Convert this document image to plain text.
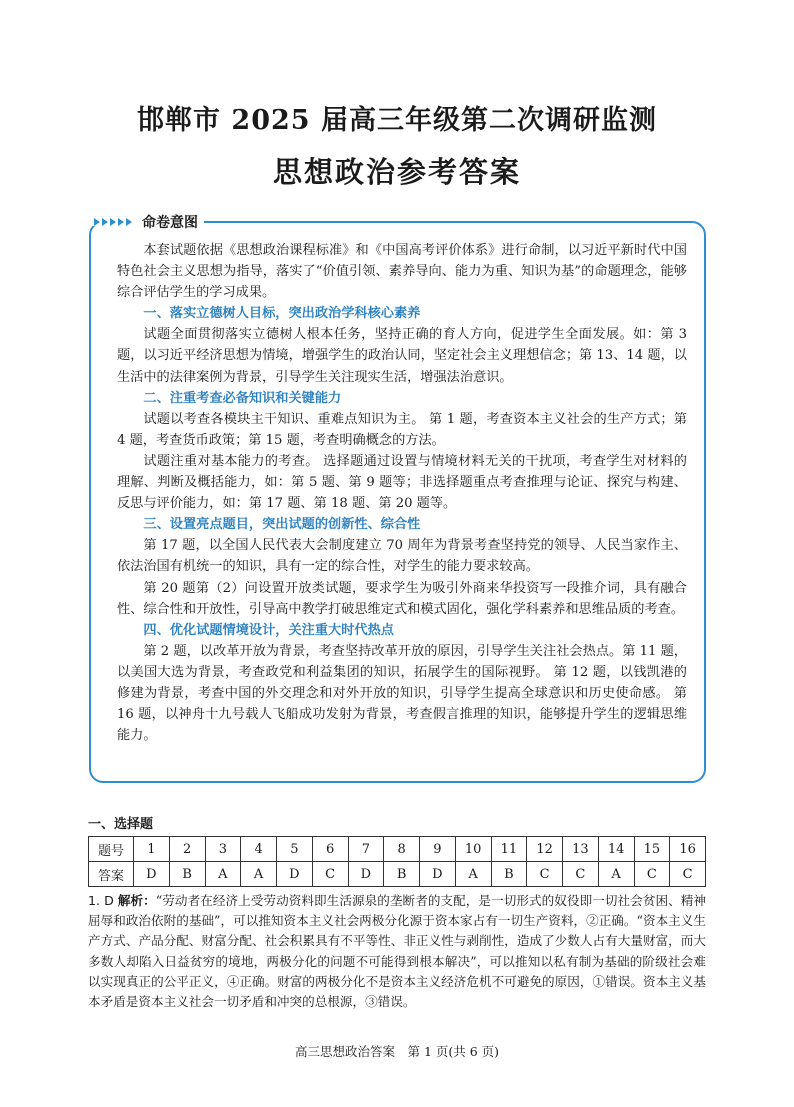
邯郸市 2025 届高三年级第二次调研监测
思想政治参考答案
命卷意图

本套试题依据《思想政治课程标准》和《中国高考评价体系》进行命制，以习近平新时代中国特色社会主义思想为指导，落实了“价值引领、素养导向、能力为重、知识为基”的命题理念，能够综合评估学生的学习成果。

一、落实立德树人目标，突出政治学科核心素养

试题全面贯彻落实立德树人根本任务，坚持正确的育人方向，促进学生全面发展。如：第 3 题，以习近平经济思想为情境，增强学生的政治认同，坚定社会主义理想信念；第 13、14 题，以生活中的法律案例为背景，引导学生关注现实生活，增强法治意识。

二、注重考查必备知识和关键能力

试题以考查各模块主干知识、重难点知识为主。 第 1 题，考查资本主义社会的生产方式；第 4 题，考查货币政策；第 15 题，考查明确概念的方法。

试题注重对基本能力的考查。 选择题通过设置与情境材料无关的干扰项，考查学生对材料的理解、判断及概括能力，如：第 5 题、第 9 题等；非选择题重点考查推理与论证、探究与构建、反思与评价能力，如：第 17 题、第 18 题、第 20 题等。

三、设置亮点题目，突出试题的创新性、综合性

第 17 题，以全国人民代表大会制度建立 70 周年为背景考查坚持党的领导、人民当家作主、依法治国有机统一的知识，具有一定的综合性，对学生的能力要求较高。

第 20 题第（2）问设置开放类试题，要求学生为吸引外商来华投资写一段推介词，具有融合性、综合性和开放性，引导高中教学打破思维定式和模式固化，强化学科素养和思维品质的考查。

四、优化试题情境设计，关注重大时代热点

第 2 题，以改革开放为背景，考查坚持改革开放的原因，引导学生关注社会热点。第 11 题，以美国大选为背景，考查政党和利益集团的知识，拓展学生的国际视野。 第 12 题，以钱凯港的修建为背景，考查中国的外交理念和对外开放的知识，引导学生提高全球意识和历史使命感。 第 16 题，以神舟十九号载人飞船成功发射为背景，考查假言推理的知识，能够提升学生的逻辑思维能力。

一、选择题
题号	1	2	3	4	5	6	7	8	9	10	11	12	13	14	15	16
答案	D	B	A	A	D	C	D	B	D	A	B	C	C	A	C	C
1. D 解析：“劳动者在经济上受劳动资料即生活源泉的垄断者的支配，是一切形式的奴役即一切社会贫困、精神屈辱和政治依附的基础”，可以推知资本主义社会两极分化源于资本家占有一切生产资料，②正确。“资本主义生产方式、产品分配、财富分配、社会积累具有不平等性、非正义性与剥削性，造成了少数人占有大量财富，而大多数人却陷入日益贫穷的境地，两极分化的问题不可能得到根本解决”，可以推知以私有制为基础的阶级社会难以实现真正的公平正义，④正确。财富的两极分化不是资本主义经济危机不可避免的原因，①错误。资本主义基本矛盾是资本主义社会一切矛盾和冲突的总根源，③错误。
高三思想政治答案　第 1 页(共 6 页)
